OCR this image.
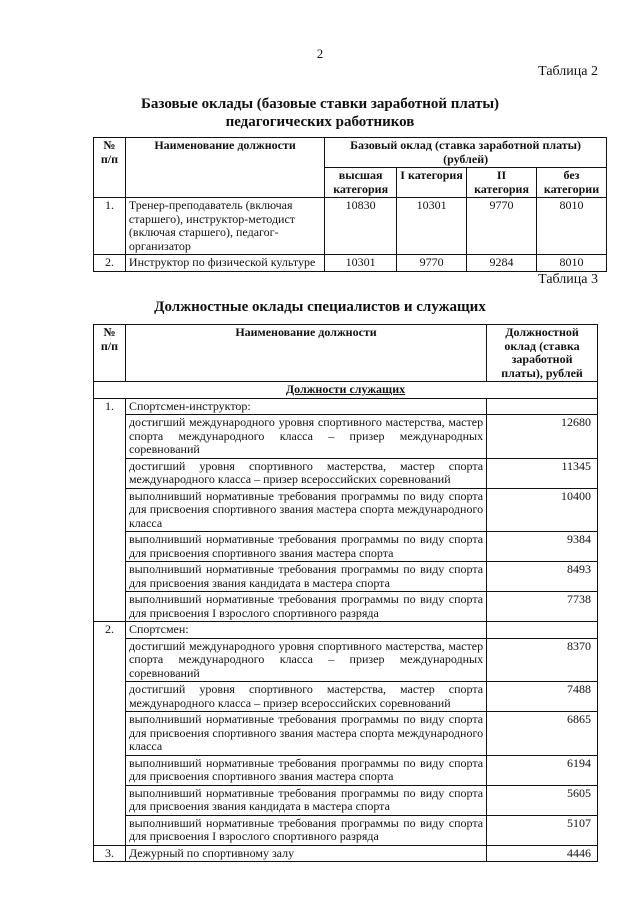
2
Таблица 2
Базовые оклады (базовые ставки заработной платы)
педагогических работников
№ п/п	Наименование должности	Базовый оклад (ставка заработной платы) (рублей)			
		высшая категория	I категория	II категория	без категории
1.	Тренер-преподаватель (включая старшего), инструктор-методист (включая старшего), педагог-организатор	10830	10301	9770	8010
2.	Инструктор по физической культуре	10301	9770	9284	8010
Таблица 3
Должностные оклады специалистов и служащих
№ п/п	Наименование должности	Должностной оклад (ставка заработной платы), рублей
Должности служащих		
1.	Спортсмен-инструктор:	
	достигший международного уровня спортивного мастерства, мастер спорта международного класса – призер международных соревнований	12680
	достигший уровня спортивного мастерства, мастер спорта международного класса – призер всероссийских соревнований	11345
	выполнивший нормативные требования программы по виду спорта для присвоения спортивного звания мастера спорта международного класса	10400
	выполнивший нормативные требования программы по виду спорта для присвоения спортивного звания мастера спорта	9384
	выполнивший нормативные требования программы по виду спорта для присвоения звания кандидата в мастера спорта	8493
	выполнивший нормативные требования программы по виду спорта для присвоения I взрослого спортивного разряда	7738
2.	Спортсмен:	
	достигший международного уровня спортивного мастерства, мастер спорта международного класса – призер международных соревнований	8370
	достигший уровня спортивного мастерства, мастер спорта международного класса – призер всероссийских соревнований	7488
	выполнивший нормативные требования программы по виду спорта для присвоения спортивного звания мастера спорта международного класса	6865
	выполнивший нормативные требования программы по виду спорта для присвоения спортивного звания мастера спорта	6194
	выполнивший нормативные требования программы по виду спорта для присвоения звания кандидата в мастера спорта	5605
	выполнивший нормативные требования программы по виду спорта для присвоения I взрослого спортивного разряда	5107
3.	Дежурный по спортивному залу	4446
